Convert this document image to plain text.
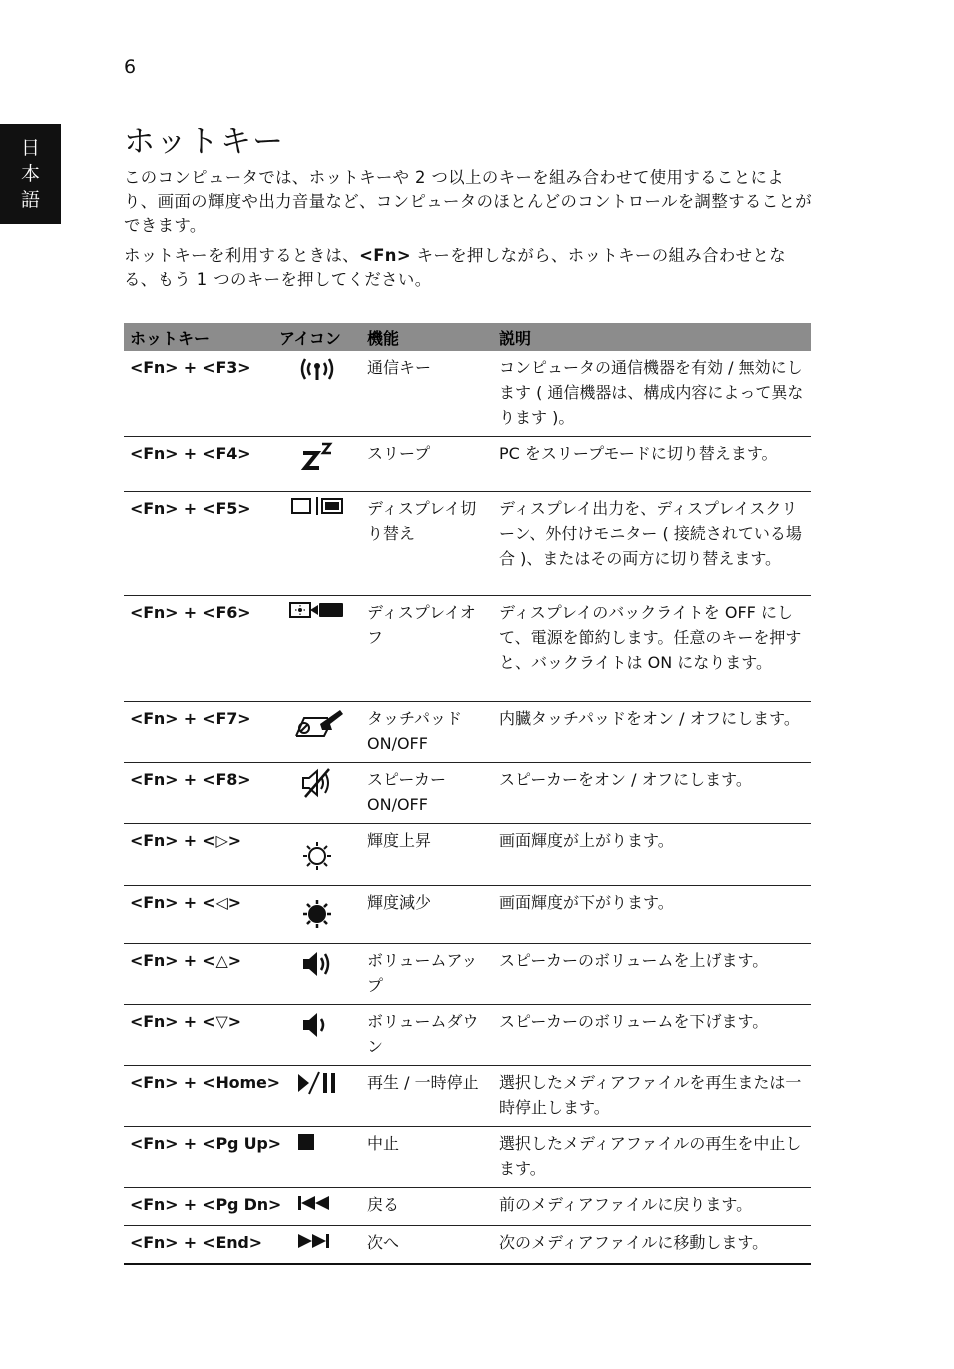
6
日
本
語
ホットキー

このコンピュータでは、ホットキーや 2 つ以上のキーを組み合わせて使用することにより、画面の輝度や出力音量など、コンピュータのほとんどのコントロールを調整することができます。

ホットキーを利用するときは、<Fn> キーを押しながら、ホットキーの組み合わせとなる、もう 1 つのキーを押してください。

ホットキー	アイコン	機能	説明
<Fn> + <F3>		通信キー	コンピュータの通信機器を有効 / 無効にします ( 通信機器は、構成内容によって異なります )。
<Fn> + <F4>		スリープ	PC をスリープモードに切り替えます。
<Fn> + <F5>		ディスプレイ切り替え	ディスプレイ出力を、ディスプレイスクリーン、外付けモニター ( 接続されている場合 )、またはその両方に切り替えます。
<Fn> + <F6>		ディスプレイオフ	ディスプレイのバックライトを OFF にして、電源を節約します。任意のキーを押すと、バックライトは ON になります。
<Fn> + <F7>		タッチパッド ON/OFF	内臓タッチパッドをオン / オフにします。
<Fn> + <F8>		スピーカー ON/OFF	スピーカーをオン / オフにします。
<Fn> + <▷>		輝度上昇	画面輝度が上がります。
<Fn> + <◁>		輝度減少	画面輝度が下がります。
<Fn> + <△>		ボリュームアップ	スピーカーのボリュームを上げます。
<Fn> + <▽>		ボリュームダウン	スピーカーのボリュームを下げます。
<Fn> + <Home>		再生 / 一時停止	選択したメディアファイルを再生または一時停止します。
<Fn> + <Pg Up>		中止	選択したメディアファイルの再生を中止します。
<Fn> + <Pg Dn>		戻る	前のメディアファイルに戻ります。
<Fn> + <End>		次へ	次のメディアファイルに移動します。
